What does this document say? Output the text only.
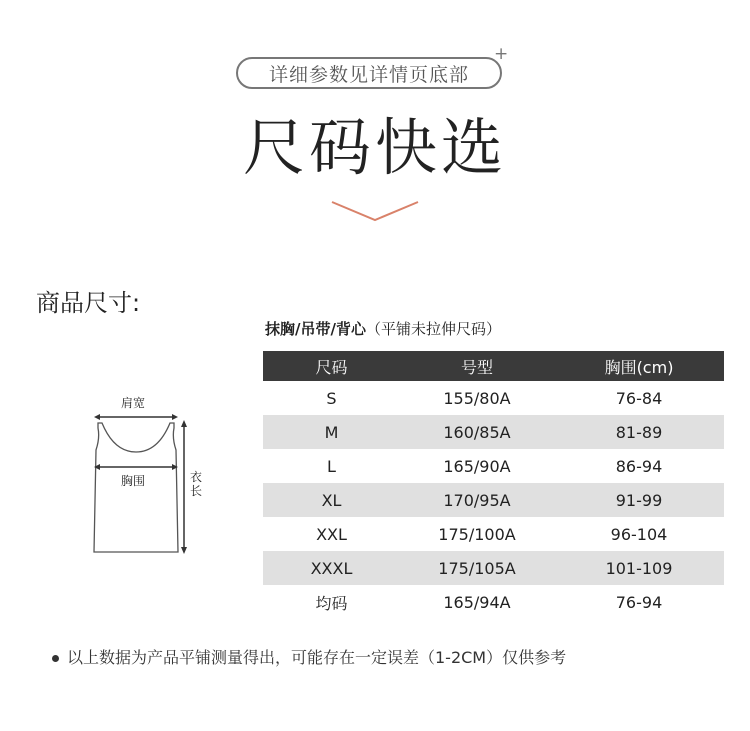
详细参数见详情页底部
+
尺码快选
商品尺寸:
抹胸/吊带/背心（平铺未拉伸尺码）
肩宽
胸围	衣长
尺码	号型	胸围(cm)
S	155/80A	76-84
M	160/85A	81-89
L	165/90A	86-94
XL	170/95A	91-99
XXL	175/100A	96-104
XXXL	175/105A	101-109
均码	165/94A	76-94
以上数据为产品平铺测量得出，可能存在一定误差（1-2CM）仅供参考
